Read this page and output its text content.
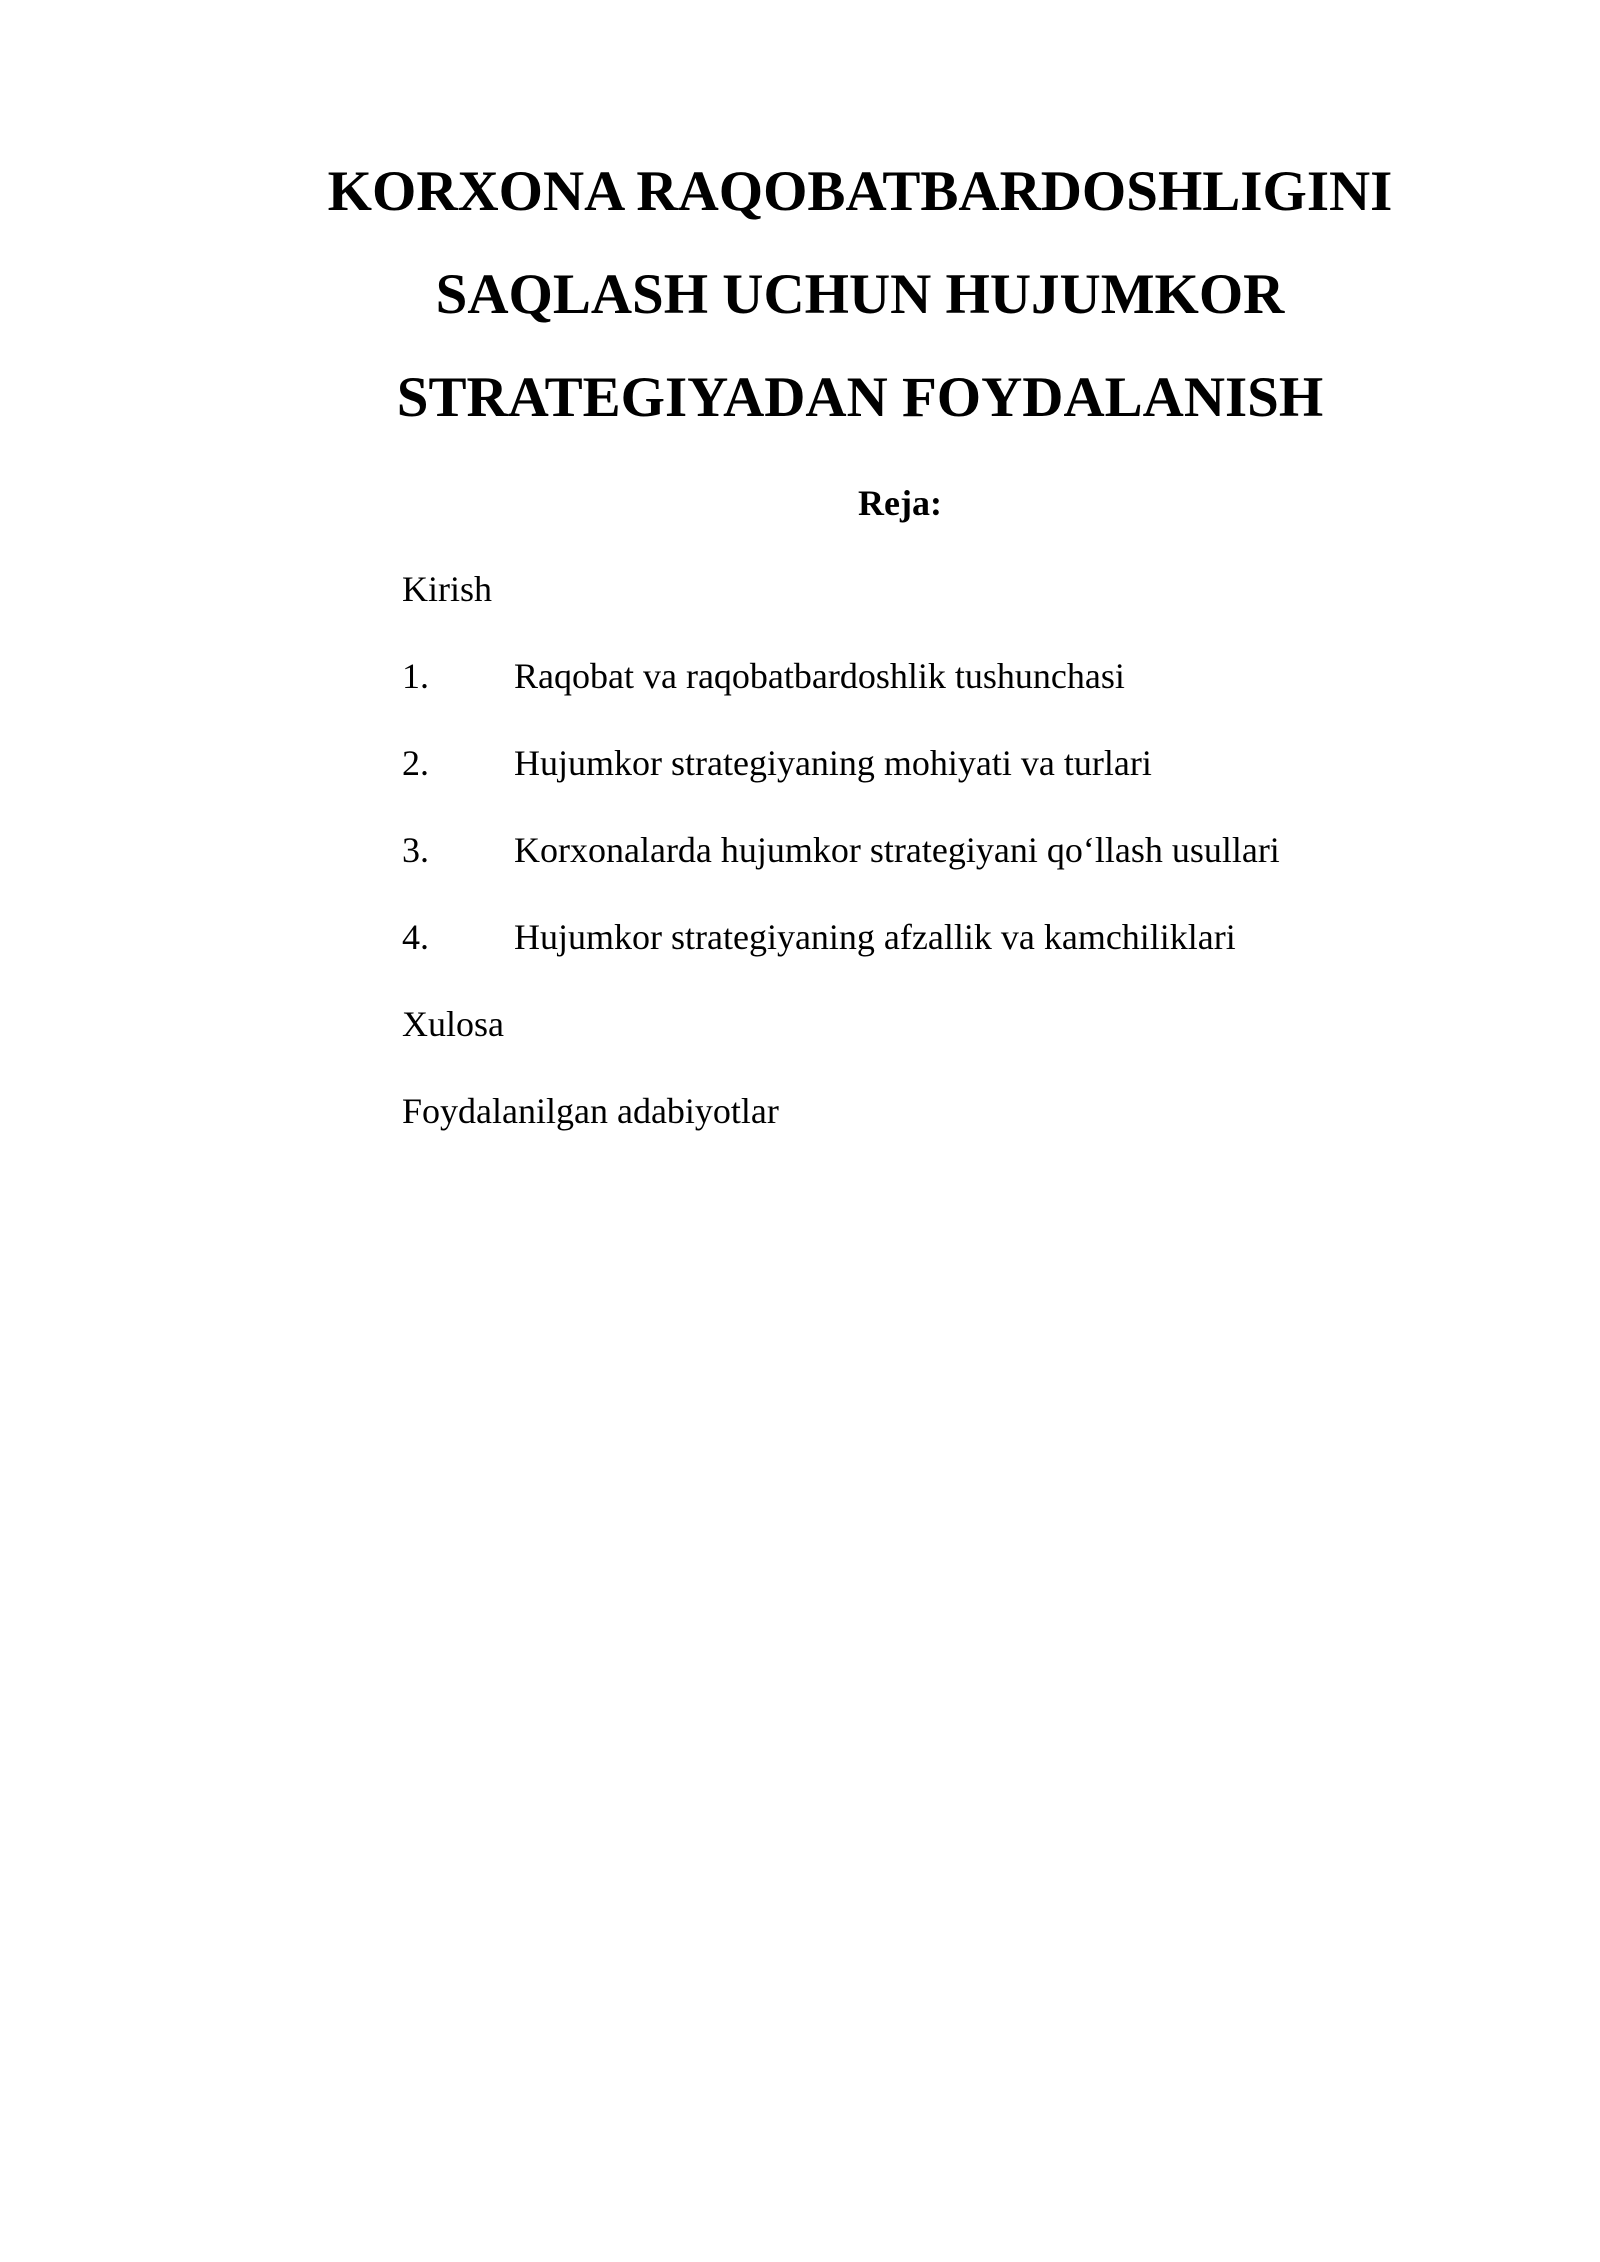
KORXONA RAQOBATBARDOSHLIGINI
SAQLASH UCHUN HUJUMKOR
STRATEGIYADAN FOYDALANISH
Reja:
Kirish
1. Raqobat va raqobatbardoshlik tushunchasi
2. Hujumkor strategiyaning mohiyati va turlari
3. Korxonalarda hujumkor strategiyani qo‘llash usullari
4. Hujumkor strategiyaning afzallik va kamchiliklari
Xulosa
Foydalanilgan adabiyotlar
